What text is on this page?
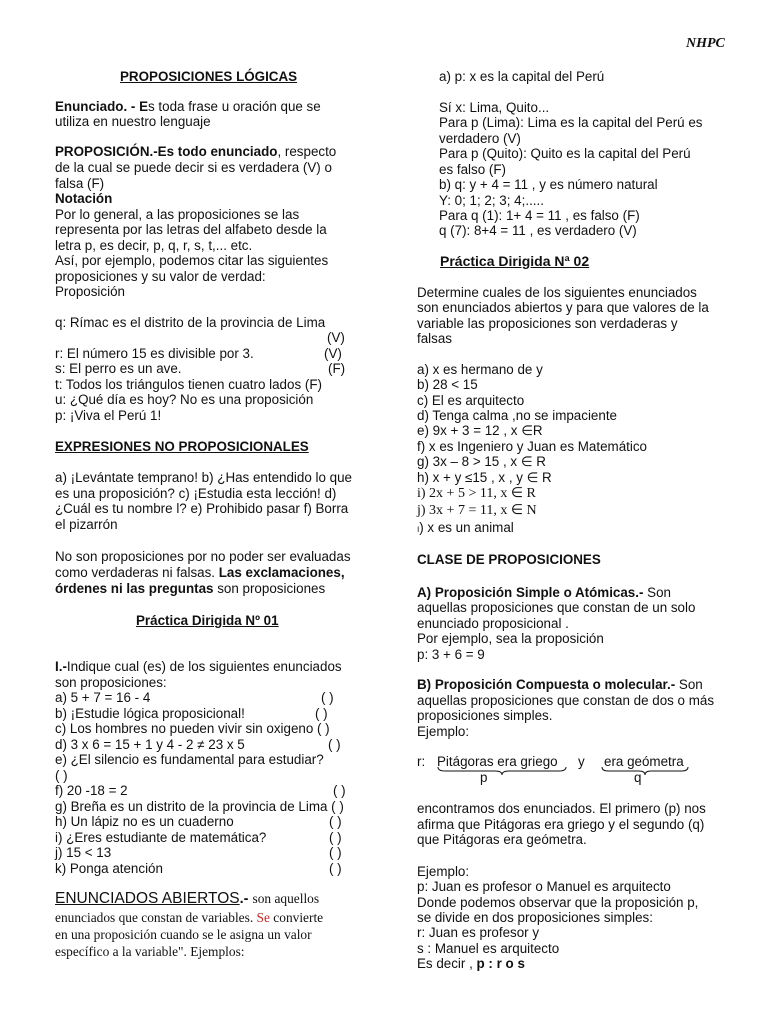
NHPC
PROPOSICIONES LÓGICAS
Enunciado. - Es toda frase u oración que se
utiliza en nuestro lenguaje
PROPOSICIÓN.-Es todo enunciado, respecto
de la cual se puede decir si es verdadera (V) o
falsa (F)
Notación
Por lo general, a las proposiciones se las
representa por las letras del alfabeto desde la
letra p, es decir, p, q, r, s, t,... etc.
Así, por ejemplo, podemos citar las siguientes
proposiciones y su valor de verdad:
Proposición
q: Rímac es el distrito de la provincia de Lima
(V)
r: El número 15 es divisible por 3.	(V)
s: El perro es un ave.	(F)
t: Todos los triángulos tienen cuatro lados (F)
u: ¿Qué día es hoy? No es una proposición
p: ¡Viva el Perú 1!
EXPRESIONES NO PROPOSICIONALES
a) ¡Levántate temprano! b) ¿Has entendido lo que
es una proposición? c) ¡Estudia esta lección! d)
¿Cuál es tu nombre l? e) Prohibido pasar f) Borra
el pizarrón
No son proposiciones por no poder ser evaluadas
como verdaderas ni falsas. Las exclamaciones,
órdenes ni las preguntas son proposiciones
Práctica Dirigida Nº 01
I.-Indique cual (es) de los siguientes enunciados
son proposiciones:
a) 5 + 7 = 16 - 4	( )
b) ¡Estudie lógica proposicional!	( )
c) Los hombres no pueden vivir sin oxigeno ( )
d) 3 x 6 = 15 + 1 y 4 - 2 ≠ 23 x 5	( )
e) ¿El silencio es fundamental para estudiar?
( )
f) 20 -18 = 2	( )
g) Breña es un distrito de la provincia de Lima ( )
h) Un lápiz no es un cuaderno	( )
i) ¿Eres estudiante de matemática?	( )
j) 15 < 13	( )
k) Ponga atención	( )
ENUNCIADOS ABIERTOS.- son aquellos
enunciados que constan de variables. Se convierte
en una proposición cuando se le asigna un valor
específico a la variable". Ejemplos:
a) p: x es la capital del Perú
Sí x: Lima, Quito...
Para p (Lima): Lima es la capital del Perú es
verdadero (V)
Para p (Quito): Quito es la capital del Perú
es falso (F)
b) q: y + 4 = 11 , y es número natural
Y: 0; 1; 2; 3; 4;.....
Para q (1): 1+ 4 = 11 , es falso (F)
q (7): 8+4 = 11 , es verdadero (V)
Práctica Dirigida Nª 02
Determine cuales de los siguientes enunciados
son enunciados abiertos y para que valores de la
variable las proposiciones son verdaderas y
falsas
a) x es hermano de y
b) 28 < 15
c) El es arquitecto
d) Tenga calma ,no se impaciente
e) 9x + 3 = 12 , x ∈R
f) x es Ingeniero y Juan es Matemático
g) 3x – 8 > 15 , x ∈ R
h) x + y ≤15 , x , y ∈ R
i) 2x + 5 > 11, x ∈ R
j) 3x + 7 = 11, x ∈ N
ₗ) x es un animal
CLASE DE PROPOSICIONES
A) Proposición Simple o Atómicas.- Son
aquellas proposiciones que constan de un solo
enunciado proposicional .
Por ejemplo, sea la proposición
p: 3 + 6 = 9
B) Proposición Compuesta o molecular.- Son
aquellas proposiciones que constan de dos o más
proposiciones simples.
Ejemplo:
r: Pitágoras era griego y era geómetra
p	q
encontramos dos enunciados. El primero (p) nos
afirma que Pitágoras era griego y el segundo (q)
que Pitágoras era geómetra.
Ejemplo:
p: Juan es profesor o Manuel es arquitecto
Donde podemos observar que la proposición p,
se divide en dos proposiciones simples:
r: Juan es profesor y
s : Manuel es arquitecto
Es decir , p : r o s
